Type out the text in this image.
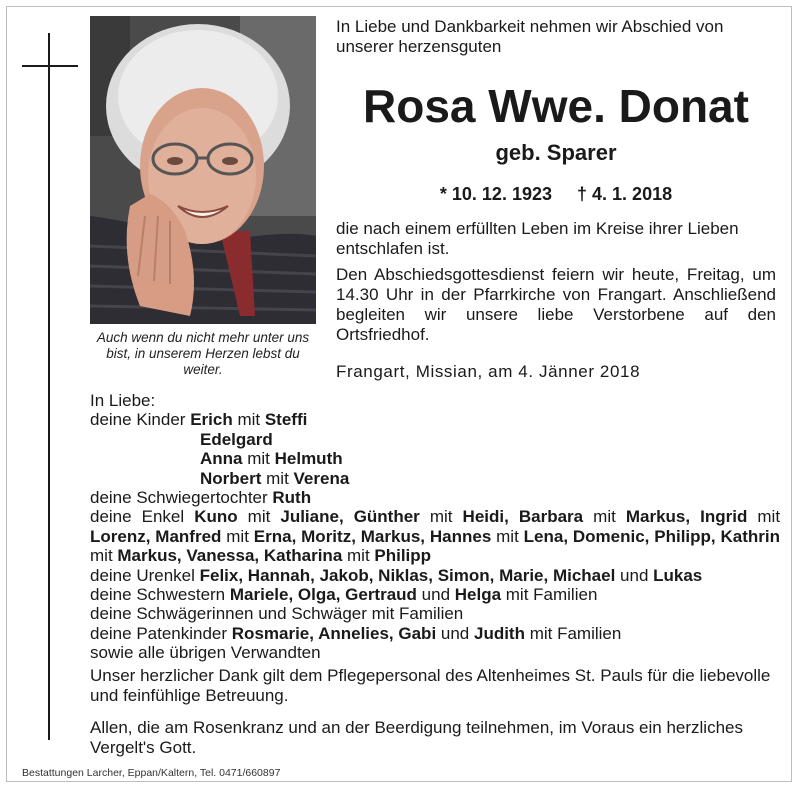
Auch wenn du nicht mehr unter uns bist, in unserem Herzen lebst du weiter.
In Liebe und Dankbarkeit nehmen wir Abschied von unserer herzensguten
Rosa Wwe. Donat
geb. Sparer
* 10. 12. 1923 † 4. 1. 2018
die nach einem erfüllten Leben im Kreise ihrer Lieben entschlafen ist.
Den Abschiedsgottesdienst feiern wir heute, Freitag, um 14.30 Uhr in der Pfarrkirche von Frangart. Anschließend begleiten wir unsere liebe Verstorbene auf den Ortsfriedhof.
Frangart, Missian, am 4. Jänner 2018
In Liebe:
deine Kinder Erich mit Steffi
Edelgard
Anna mit Helmuth
Norbert mit Verena
deine Schwiegertochter Ruth
deine Enkel Kuno mit Juliane, Günther mit Heidi, Barbara mit Markus, Ingrid mit Lorenz, Manfred mit Erna, Moritz, Markus, Hannes mit Lena, Domenic, Philipp, Kathrin mit Markus, Vanessa, Katharina mit Philipp
deine Urenkel Felix, Hannah, Jakob, Niklas, Simon, Marie, Michael und Lukas
deine Schwestern Mariele, Olga, Gertraud und Helga mit Familien
deine Schwägerinnen und Schwäger mit Familien
deine Patenkinder Rosmarie, Annelies, Gabi und Judith mit Familien
sowie alle übrigen Verwandten
Unser herzlicher Dank gilt dem Pflegepersonal des Altenheimes St. Pauls für die liebevolle und feinfühlige Betreuung.
Allen, die am Rosenkranz und an der Beerdigung teilnehmen, im Voraus ein herzliches Vergelt's Gott.
Bestattungen Larcher, Eppan/Kaltern, Tel. 0471/660897
